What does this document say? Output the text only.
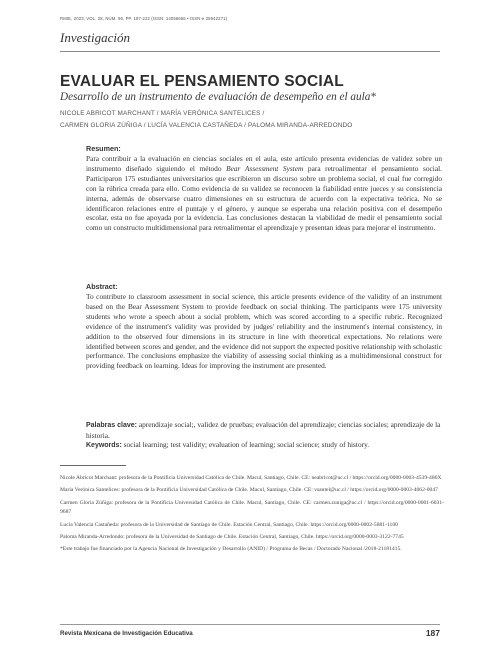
RMIE, 2023, VOL. 28, NÚM. 96, PP. 187-222 (ISSN: 14056666 • ISSN-e 25942271)
Investigación
EVALUAR EL PENSAMIENTO SOCIAL
Desarrollo de un instrumento de evaluación de desempeño en el aula*
NICOLE ABRICOT MARCHANT / MARÍA VERÓNICA SANTELICES /
CARMEN GLORIA ZÚÑIGA / LUCÍA VALENCIA CASTAÑEDA / PALOMA MIRANDA-ARREDONDO
Resumen:
Para contribuir a la evaluación en ciencias sociales en el aula, este artículo presenta evidencias de validez sobre un instrumento diseñado siguiendo el método Bear Assessment System para retroalimentar el pensamiento social. Participaron 175 estudiantes universitarios que escribieron un discurso sobre un problema social, el cual fue corregido con la rúbrica creada para ello. Como evidencia de su validez se reconocen la fiabilidad entre jueces y su consistencia interna, además de observarse cuatro dimensiones en su estructura de acuerdo con la expectativa teórica. No se identificaron relaciones entre el puntaje y el género, y aunque se esperaba una relación positiva con el desempeño escolar, esta no fue apoyada por la evidencia. Las conclusiones destacan la viabilidad de medir el pensamiento social como un constructo multidimensional para retroalimentar el aprendizaje y presentan ideas para mejorar el instrumento.
Abstract:
To contribute to classroom assessment in social science, this article presents evidence of the validity of an instrument based on the Bear Assessment System to provide feedback on social thinking. The participants were 175 university students who wrote a speech about a social problem, which was scored according to a specific rubric. Recognized evidence of the instrument's validity was provided by judges' reliability and the instrument's internal consistency, in addition to the observed four dimensions in its structure in line with theoretical expectations. No relations were identified between scores and gender, and the evidence did not support the expected positive relationship with scholastic performance. The conclusions emphasize the viability of assessing social thinking as a multidimensional construct for providing feedback on learning. Ideas for improving the instrument are presented.
Palabras clave: aprendizaje social;, validez de pruebas; evaluación del aprendizaje; ciencias sociales; aprendizaje de la historia.
Keywords: social learning; test validity; evaluation of learning; social science; study of history.
Nicole Abricot Marchant: profesora de la Pontificia Universidad Católica de Chile. Macul, Santiago, Chile. CE: neabricot@uc.cl / https://orcid.org/0000-0003-4539-486X
María Verónica Santelices: profesora de la Pontificia Universidad Católica de Chile. Macul, Santiago, Chile. CE: vsantel@uc.cl / https://orcid.org/0000-0003-4062-0047
Carmen Gloria Zúñiga: profesora de la Pontificia Universidad Católica de Chile. Macul, Santiago, Chile. CE: carmen.zuniga@uc.cl / https://orcid.org/0000-0001-6031-9687
Lucía Valencia Castañeda: profesora de la Universidad de Santiago de Chile. Estación Central, Santiago, Chile. https://orcid.org/0000-0002-5881-1100
Paloma Miranda-Arredondo: profesora de la Universidad de Santiago de Chile. Estación Central, Santiago, Chile. https://orcid.org/0000-0003-3122-7745
*Este trabajo fue financiado por la Agencia Nacional de Investigación y Desarrollo (ANID) / Programa de Becas / Doctorado Nacional /2018-21181415.
Revista Mexicana de Investigación Educativa	187
